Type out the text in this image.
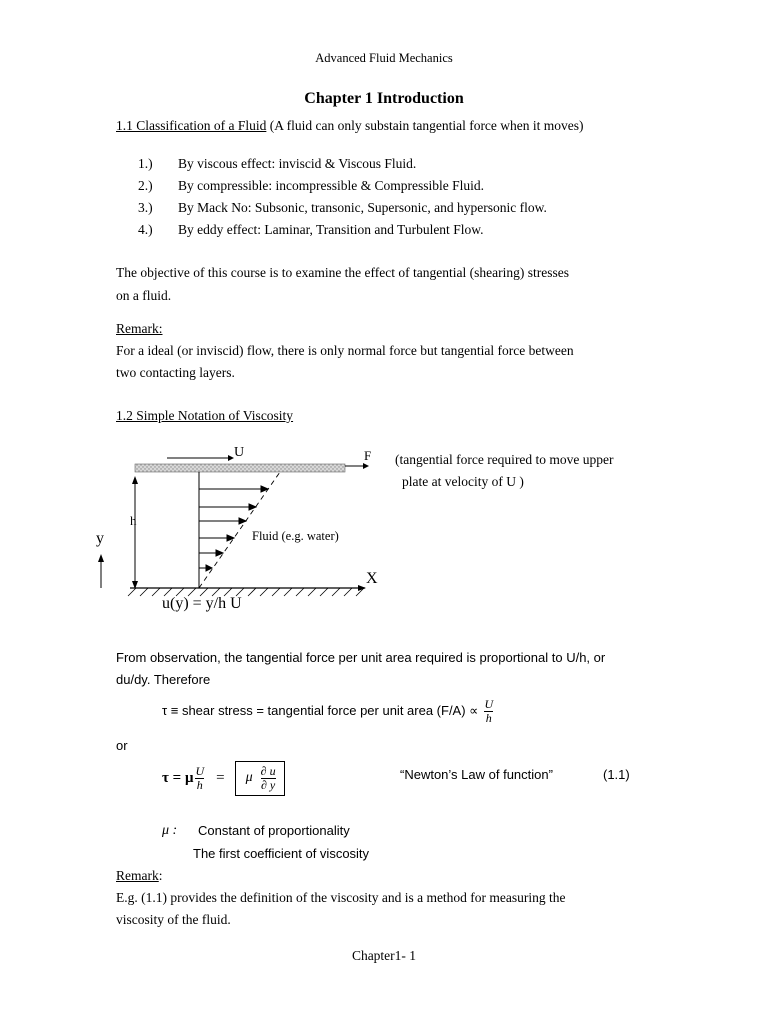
Advanced Fluid Mechanics
Chapter 1 Introduction
1.1 Classification of a Fluid (A fluid can only substain tangential force when it moves)
1.) By viscous effect: inviscid & Viscous Fluid.
2.) By compressible: incompressible & Compressible Fluid.
3.) By Mack No: Subsonic, transonic, Supersonic, and hypersonic flow.
4.) By eddy effect: Laminar, Transition and Turbulent Flow.
The objective of this course is to examine the effect of tangential (shearing) stresses
on a fluid.
Remark:
For a ideal (or inviscid) flow, there is only normal force but tangential force between
two contacting layers.
1.2 Simple Notation of Viscosity
U	F (tangential force required to move upper
plate at velocity of U )
h
y	Fluid (e.g. water)
X
u(y) = y/h U
From observation, the tangential force per unit area required is proportional to U/h, or
du/dy. Therefore
τ ≡ shear stress = tangential force per unit area $(F/A) \propto \frac{U}{h}$
or
τ = μ $\frac{U}{h} = \mu \frac{\partial u}{\partial y}$	“Newton’s Law of function”	(1.1)
μ : Constant of proportionality
The first coefficient of viscosity
Remark:
E.g. (1.1) provides the definition of the viscosity and is a method for measuring the
viscosity of the fluid.
Chapter1- 1
